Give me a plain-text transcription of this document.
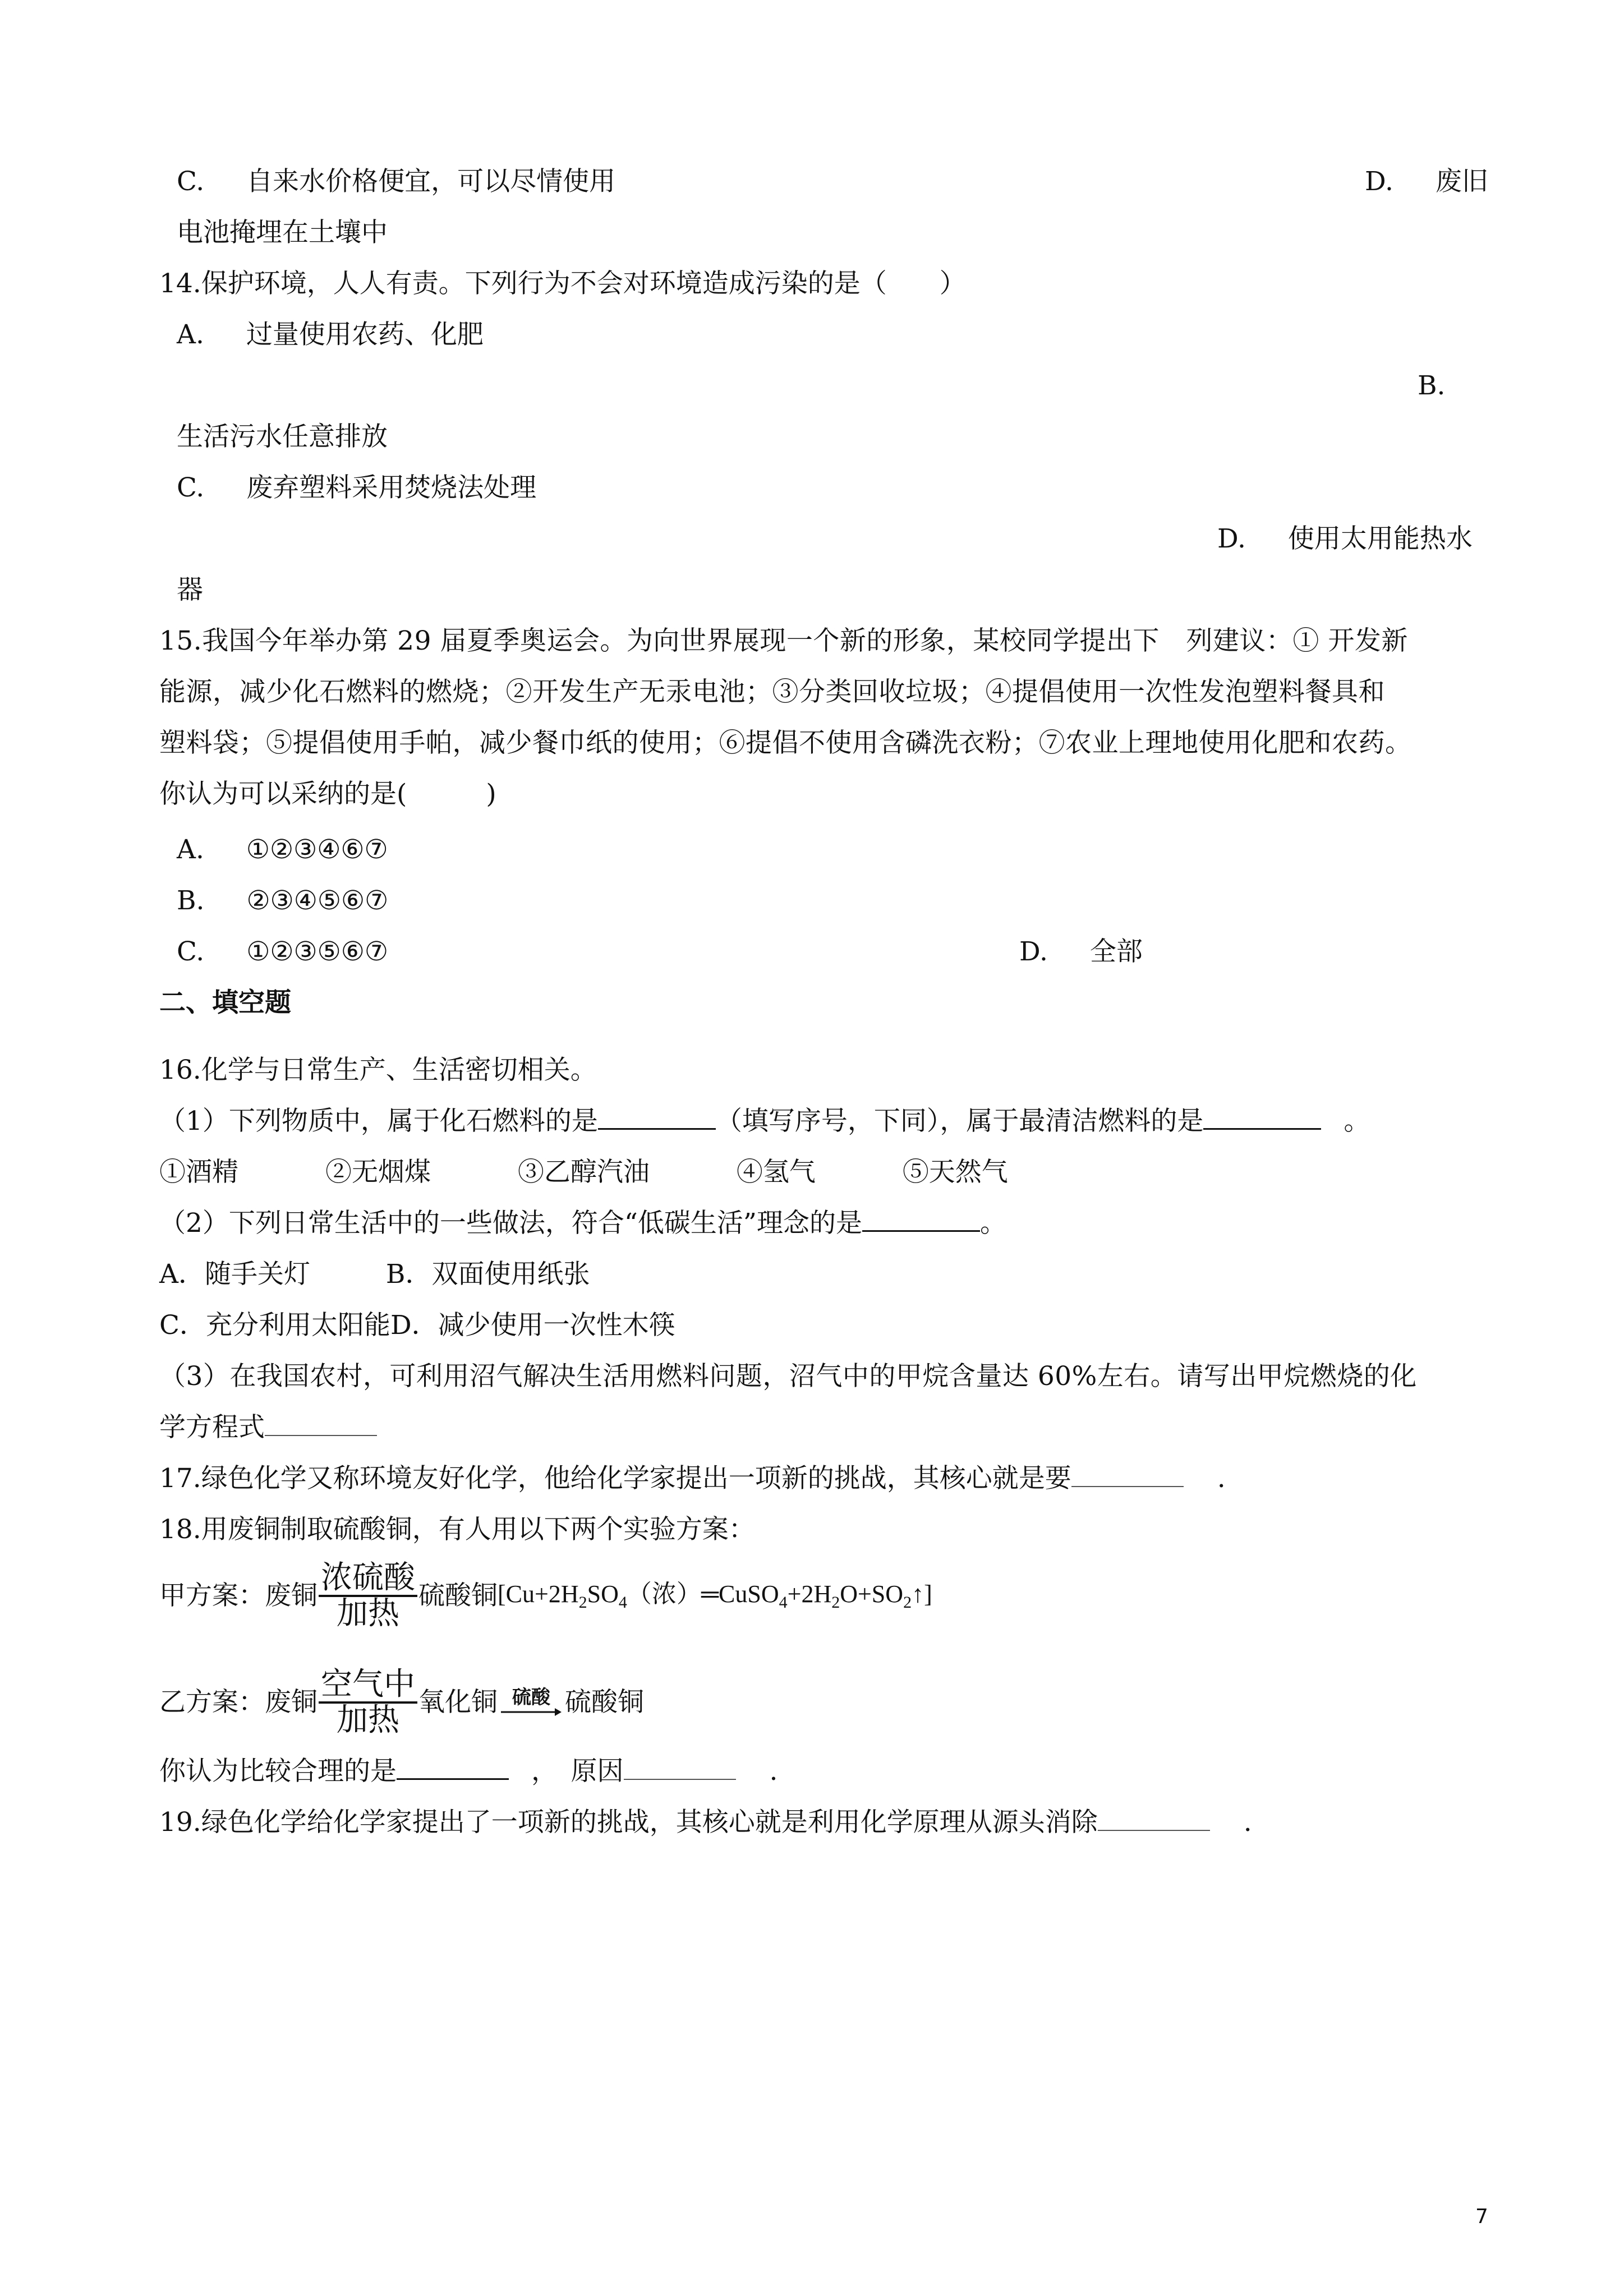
C. 自来水价格便宜，可以尽情使用	D. 废旧
电池掩埋在土壤中
14.保护环境，人人有责。下列行为不会对环境造成污染的是（　　）
A. 过量使用农药、化肥
B.
生活污水任意排放
C. 废弃塑料采用焚烧法处理
D. 使用太用能热水
器
15.我国今年举办第 29 届夏季奥运会。为向世界展现一个新的形象，某校同学提出下　列建议：① 开发新
能源，减少化石燃料的燃烧；②开发生产无汞电池；③分类回收垃圾；④提倡使用一次性发泡塑料餐具和
塑料袋；⑤提倡使用手帕，减少餐巾纸的使用；⑥提倡不使用含磷洗衣粉；⑦农业上理地使用化肥和农药。
你认为可以采纳的是(　　　)
A. ①②③④⑥⑦
B. ②③④⑤⑥⑦
C. ①②③⑤⑥⑦	D. 全部
二、填空题
16.化学与日常生产、生活密切相关。
（1）下列物质中，属于化石燃料的是	（填写序号，下同），属于最清洁燃料的是	。
①酒精	②无烟煤	③乙醇汽油	④氢气	⑤天然气
（2）下列日常生活中的一些做法，符合“低碳生活”理念的是	。
A．随手关灯	B．双面使用纸张
C．充分利用太阳能D．减少使用一次性木筷
（3）在我国农村，可利用沼气解决生活用燃料问题，沼气中的甲烷含量达 60%左右。请写出甲烷燃烧的化
学方程式
17.绿色化学又称环境友好化学，他给化学家提出一项新的挑战，其核心就是要	.
18.用废铜制取硫酸铜，有人用以下两个实验方案：
甲方案：废铜 $\frac{\text{浓硫酸}}{\text{加热}}$ 硫酸铜 [$Cu+2H_2SO_4$（浓）$═CuSO_4+2H_2O+SO_2↑$]
乙方案：废铜 $\frac{\text{空气中}}{\text{加热}}$ 氧化铜 硫酸 硫酸铜
你认为比较合理的是	，　原因	.
19.绿色化学给化学家提出了一项新的挑战，其核心就是利用化学原理从源头消除	.
7
